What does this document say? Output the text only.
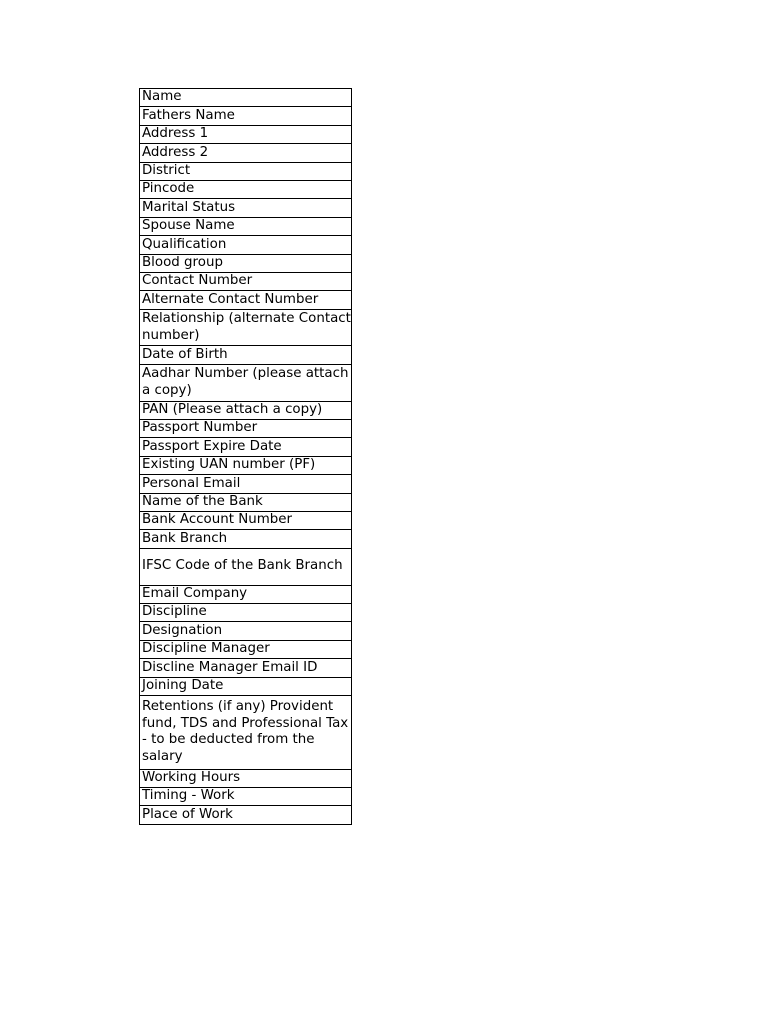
Name
Fathers Name
Address 1
Address 2
District
Pincode
Marital Status
Spouse Name
Qualification
Blood group
Contact Number
Alternate Contact Number
Relationship (alternate Contact number)
Date of Birth
Aadhar Number (please attach a copy)
PAN (Please attach a copy)
Passport Number
Passport Expire Date
Existing UAN number (PF)
Personal Email
Name of the Bank
Bank Account Number
Bank Branch
IFSC Code of the Bank Branch
Email Company
Discipline
Designation
Discipline Manager
Discline Manager Email ID
Joining Date
Retentions (if any) Provident fund, TDS and Professional Tax - to be deducted from the salary
Working Hours
Timing - Work
Place of Work
